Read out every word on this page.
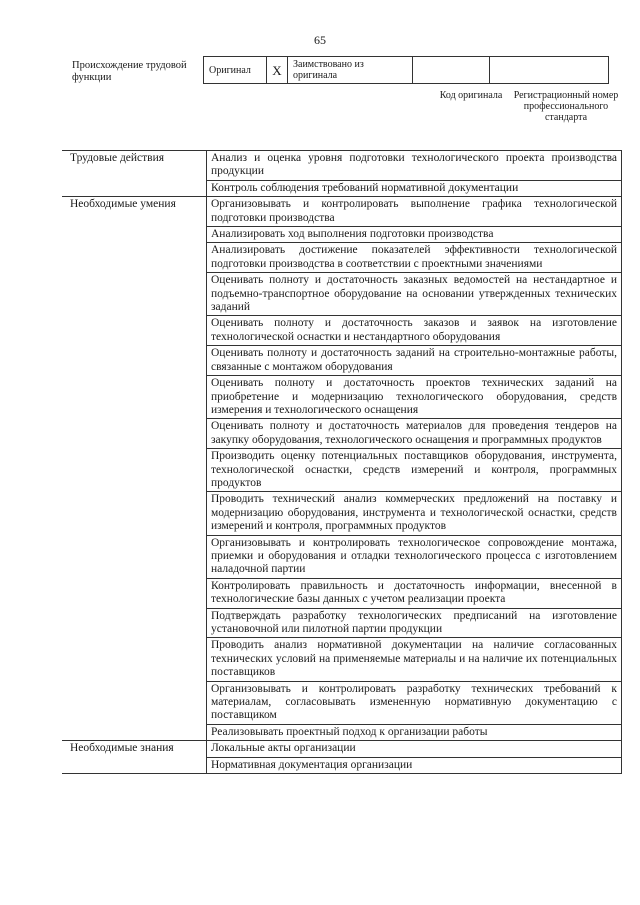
65
Происхождение трудовой функции
Оригинал	X	Заимствовано из оригинала		
Код оригинала	Регистрационный номер профессионального стандарта
Трудовые действия	Анализ и оценка уровня подготовки технологического проекта производства продукции
	Контроль соблюдения требований нормативной документации
Необходимые умения	Организовывать и контролировать выполнение графика технологической подготовки производства
	Анализировать ход выполнения подготовки производства
	Анализировать достижение показателей эффективности технологической подготовки производства в соответствии с проектными значениями
	Оценивать полноту и достаточность заказных ведомостей на нестандартное и подъемно-транспортное оборудование на основании утвержденных технических заданий
	Оценивать полноту и достаточность заказов и заявок на изготовление технологической оснастки и нестандартного оборудования
	Оценивать полноту и достаточность заданий на строительно-монтажные работы, связанные с монтажом оборудования
	Оценивать полноту и достаточность проектов технических заданий на приобретение и модернизацию технологического оборудования, средств измерения и технологического оснащения
	Оценивать полноту и достаточность материалов для проведения тендеров на закупку оборудования, технологического оснащения и программных продуктов
	Производить оценку потенциальных поставщиков оборудования, инструмента, технологической оснастки, средств измерений и контроля, программных продуктов
	Проводить технический анализ коммерческих предложений на поставку и модернизацию оборудования, инструмента и технологической оснастки, средств измерений и контроля, программных продуктов
	Организовывать и контролировать технологическое сопровождение монтажа, приемки и оборудования и отладки технологического процесса с изготовлением наладочной партии
	Контролировать правильность и достаточность информации, внесенной в технологические базы данных с учетом реализации проекта
	Подтверждать разработку технологических предписаний на изготовление установочной или пилотной партии продукции
	Проводить анализ нормативной документации на наличие согласованных технических условий на применяемые материалы и на наличие их потенциальных поставщиков
	Организовывать и контролировать разработку технических требований к материалам, согласовывать измененную нормативную документацию с поставщиком
	Реализовывать проектный подход к организации работы
Необходимые знания	Локальные акты организации
	Нормативная документация организации
